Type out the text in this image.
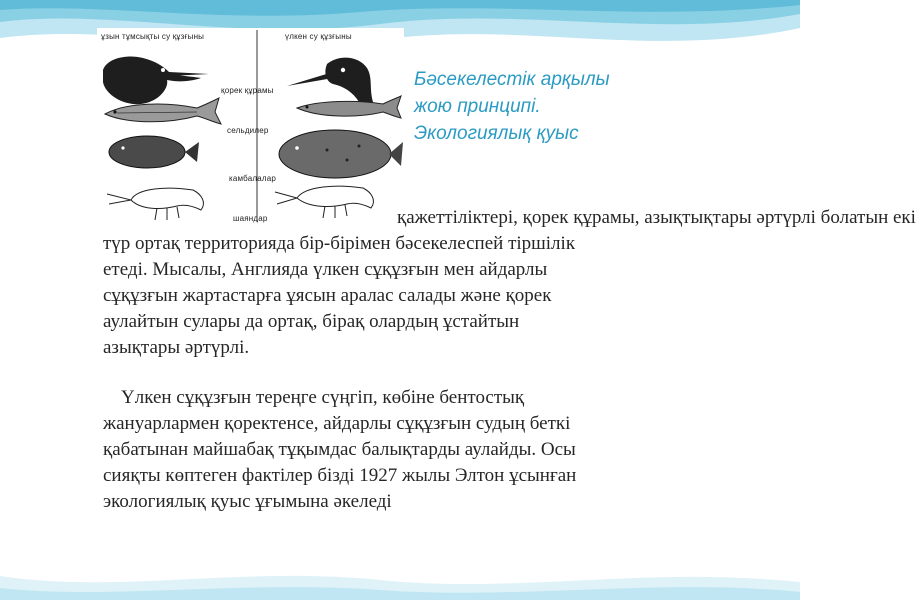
ұзын тұмсықты су құзғыны	үлкен су құзғыны
қорек құрамы
сельдилер
камбалалар
шаяндар
Бәсекелестік арқылы
жою принципі.
Экологиялық қуыс
қажеттіліктері, қорек құрамы, азықтықтары әртүрлі болатын екі
түр ортақ территорияда бір-бірімен бәсекелеспей тіршілік
етеді. Мысалы, Англияда үлкен сұқұзғын мен айдарлы
сұқұзғын жартастарға ұясын аралас салады және қорек
аулайтын сулары да ортақ, бірақ олардың ұстайтын
азықтары әртүрлі.
Үлкен сұқұзғын тереңге сүңгіп, көбіне бентостық
жануарлармен қоректенсе, айдарлы сұқұзғын судың беткі
қабатынан майшабақ тұқымдас балықтарды аулайды. Осы
сияқты көптеген фактілер бізді 1927 жылы Элтон ұсынған
экологиялық қуыс ұғымына әкеледі
